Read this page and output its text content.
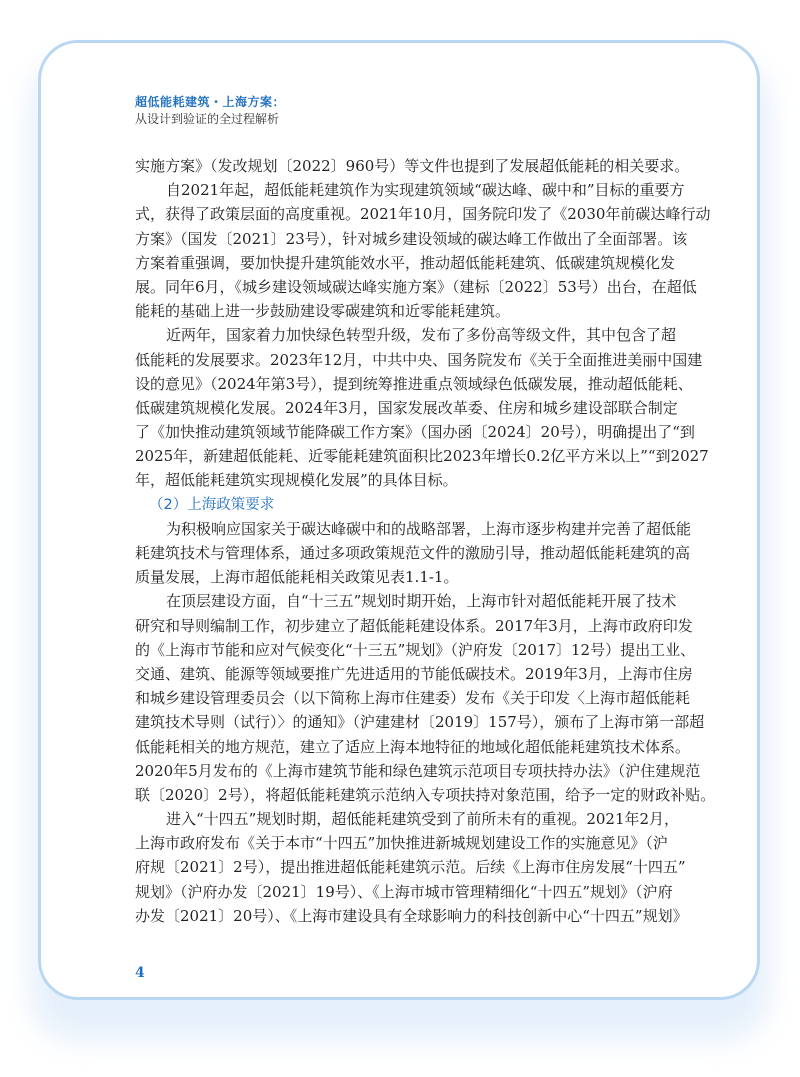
超低能耗建筑・上海方案：
从设计到验证的全过程解析
实施方案》（发改规划〔2022〕960号）等文件也提到了发展超低能耗的相关要求。
自2021年起，超低能耗建筑作为实现建筑领域“碳达峰、碳中和”目标的重要方
式，获得了政策层面的高度重视。2021年10月，国务院印发了《2030年前碳达峰行动
方案》（国发〔2021〕23号），针对城乡建设领域的碳达峰工作做出了全面部署。该
方案着重强调，要加快提升建筑能效水平，推动超低能耗建筑、低碳建筑规模化发
展。同年6月，《城乡建设领域碳达峰实施方案》（建标〔2022〕53号）出台，在超低
能耗的基础上进一步鼓励建设零碳建筑和近零能耗建筑。
近两年，国家着力加快绿色转型升级，发布了多份高等级文件，其中包含了超
低能耗的发展要求。2023年12月，中共中央、国务院发布《关于全面推进美丽中国建
设的意见》（2024年第3号），提到统筹推进重点领域绿色低碳发展，推动超低能耗、
低碳建筑规模化发展。2024年3月，国家发展改革委、住房和城乡建设部联合制定
了《加快推动建筑领域节能降碳工作方案》（国办函〔2024〕20号），明确提出了“到
2025年，新建超低能耗、近零能耗建筑面积比2023年增长0.2亿平方米以上”“到2027
年，超低能耗建筑实现规模化发展”的具体目标。
（2）上海政策要求
为积极响应国家关于碳达峰碳中和的战略部署，上海市逐步构建并完善了超低能
耗建筑技术与管理体系，通过多项政策规范文件的激励引导，推动超低能耗建筑的高
质量发展，上海市超低能耗相关政策见表1.1-1。
在顶层建设方面，自“十三五”规划时期开始，上海市针对超低能耗开展了技术
研究和导则编制工作，初步建立了超低能耗建设体系。2017年3月，上海市政府印发
的《上海市节能和应对气候变化“十三五”规划》（沪府发〔2017〕12号）提出工业、
交通、建筑、能源等领域要推广先进适用的节能低碳技术。2019年3月，上海市住房
和城乡建设管理委员会（以下简称上海市住建委）发布《关于印发〈上海市超低能耗
建筑技术导则（试行）〉的通知》（沪建建材〔2019〕157号），颁布了上海市第一部超
低能耗相关的地方规范，建立了适应上海本地特征的地域化超低能耗建筑技术体系。
2020年5月发布的《上海市建筑节能和绿色建筑示范项目专项扶持办法》（沪住建规范
联〔2020〕2号），将超低能耗建筑示范纳入专项扶持对象范围，给予一定的财政补贴。
进入“十四五”规划时期，超低能耗建筑受到了前所未有的重视。2021年2月，
上海市政府发布《关于本市“十四五”加快推进新城规划建设工作的实施意见》（沪
府规〔2021〕2号），提出推进超低能耗建筑示范。后续《上海市住房发展“十四五”
规划》（沪府办发〔2021〕19号）、《上海市城市管理精细化“十四五”规划》（沪府
办发〔2021〕20号）、《上海市建设具有全球影响力的科技创新中心“十四五”规划》
4
